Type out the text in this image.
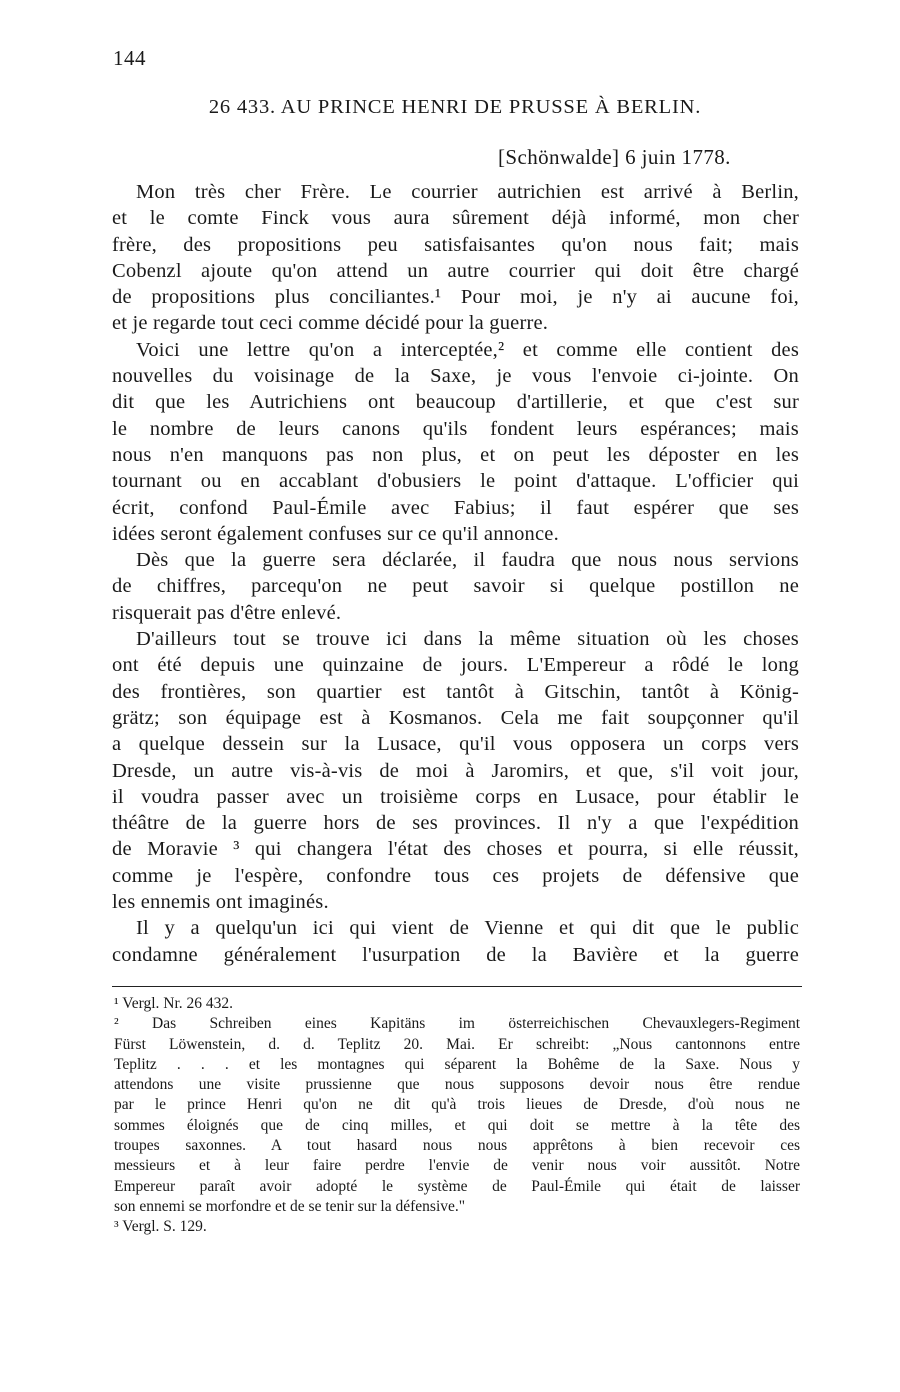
144
26 433. AU PRINCE HENRI DE PRUSSE À BERLIN.
[Schönwalde] 6 juin 1778.
Mon très cher Frère. Le courrier autrichien est arrivé à Berlin,
et le comte Finck vous aura sûrement déjà informé, mon cher
frère, des propositions peu satisfaisantes qu'on nous fait; mais
Cobenzl ajoute qu'on attend un autre courrier qui doit être chargé
de propositions plus conciliantes.¹ Pour moi, je n'y ai aucune foi,
et je regarde tout ceci comme décidé pour la guerre.
Voici une lettre qu'on a interceptée,² et comme elle contient des
nouvelles du voisinage de la Saxe, je vous l'envoie ci-jointe. On
dit que les Autrichiens ont beaucoup d'artillerie, et que c'est sur
le nombre de leurs canons qu'ils fondent leurs espérances; mais
nous n'en manquons pas non plus, et on peut les déposter en les
tournant ou en accablant d'obusiers le point d'attaque. L'officier qui
écrit, confond Paul-Émile avec Fabius; il faut espérer que ses
idées seront également confuses sur ce qu'il annonce.
Dès que la guerre sera déclarée, il faudra que nous nous servions
de chiffres, parcequ'on ne peut savoir si quelque postillon ne
risquerait pas d'être enlevé.
D'ailleurs tout se trouve ici dans la même situation où les choses
ont été depuis une quinzaine de jours. L'Empereur a rôdé le long
des frontières, son quartier est tantôt à Gitschin, tantôt à König-
grätz; son équipage est à Kosmanos. Cela me fait soupçonner qu'il
a quelque dessein sur la Lusace, qu'il vous opposera un corps vers
Dresde, un autre vis-à-vis de moi à Jaromirs, et que, s'il voit jour,
il voudra passer avec un troisième corps en Lusace, pour établir le
théâtre de la guerre hors de ses provinces. Il n'y a que l'expédition
de Moravie ³ qui changera l'état des choses et pourra, si elle réussit,
comme je l'espère, confondre tous ces projets de défensive que
les ennemis ont imaginés.
Il y a quelqu'un ici qui vient de Vienne et qui dit que le public
condamne généralement l'usurpation de la Bavière et la guerre
¹ Vergl. Nr. 26 432.
² Das Schreiben eines Kapitäns im österreichischen Chevauxlegers-Regiment
Fürst Löwenstein, d. d. Teplitz 20. Mai. Er schreibt: „Nous cantonnons entre
Teplitz . . . et les montagnes qui séparent la Bohême de la Saxe. Nous y
attendons une visite prussienne que nous supposons devoir nous être rendue
par le prince Henri qu'on ne dit qu'à trois lieues de Dresde, d'où nous ne
sommes éloignés que de cinq milles, et qui doit se mettre à la tête des
troupes saxonnes. A tout hasard nous nous apprêtons à bien recevoir ces
messieurs et à leur faire perdre l'envie de venir nous voir aussitôt. Notre
Empereur paraît avoir adopté le système de Paul-Émile qui était de laisser
son ennemi se morfondre et de se tenir sur la défensive."
³ Vergl. S. 129.
